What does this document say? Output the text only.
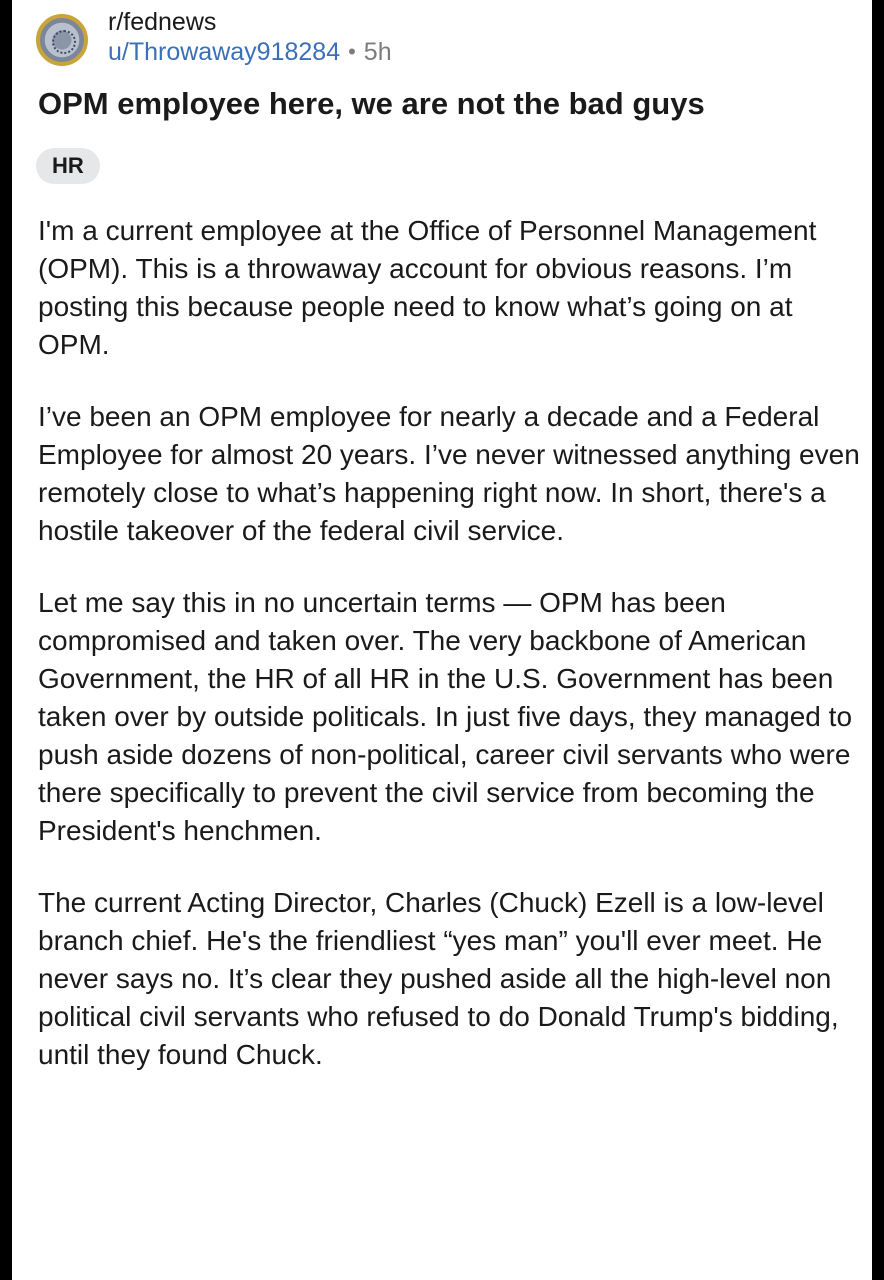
r/fednews
u/Throwaway918284 • 5h
OPM employee here, we are not the bad guys
HR

I'm a current employee at the Office of Personnel Management (OPM). This is a throwaway account for obvious reasons. I’m posting this because people need to know what’s going on at OPM.

I’ve been an OPM employee for nearly a decade and a Federal Employee for almost 20 years. I’ve never witnessed anything even remotely close to what’s happening right now. In short, there's a hostile takeover of the federal civil service.

Let me say this in no uncertain terms — OPM has been compromised and taken over. The very backbone of American Government, the HR of all HR in the U.S. Government has been taken over by outside politicals. In just five days, they managed to push aside dozens of non-political, career civil servants who were there specifically to prevent the civil service from becoming the President's henchmen.

The current Acting Director, Charles (Chuck) Ezell is a low-level branch chief. He's the friendliest “yes man” you'll ever meet. He never says no. It’s clear they pushed aside all the high-level non political civil servants who refused to do Donald Trump's bidding, until they found Chuck.
